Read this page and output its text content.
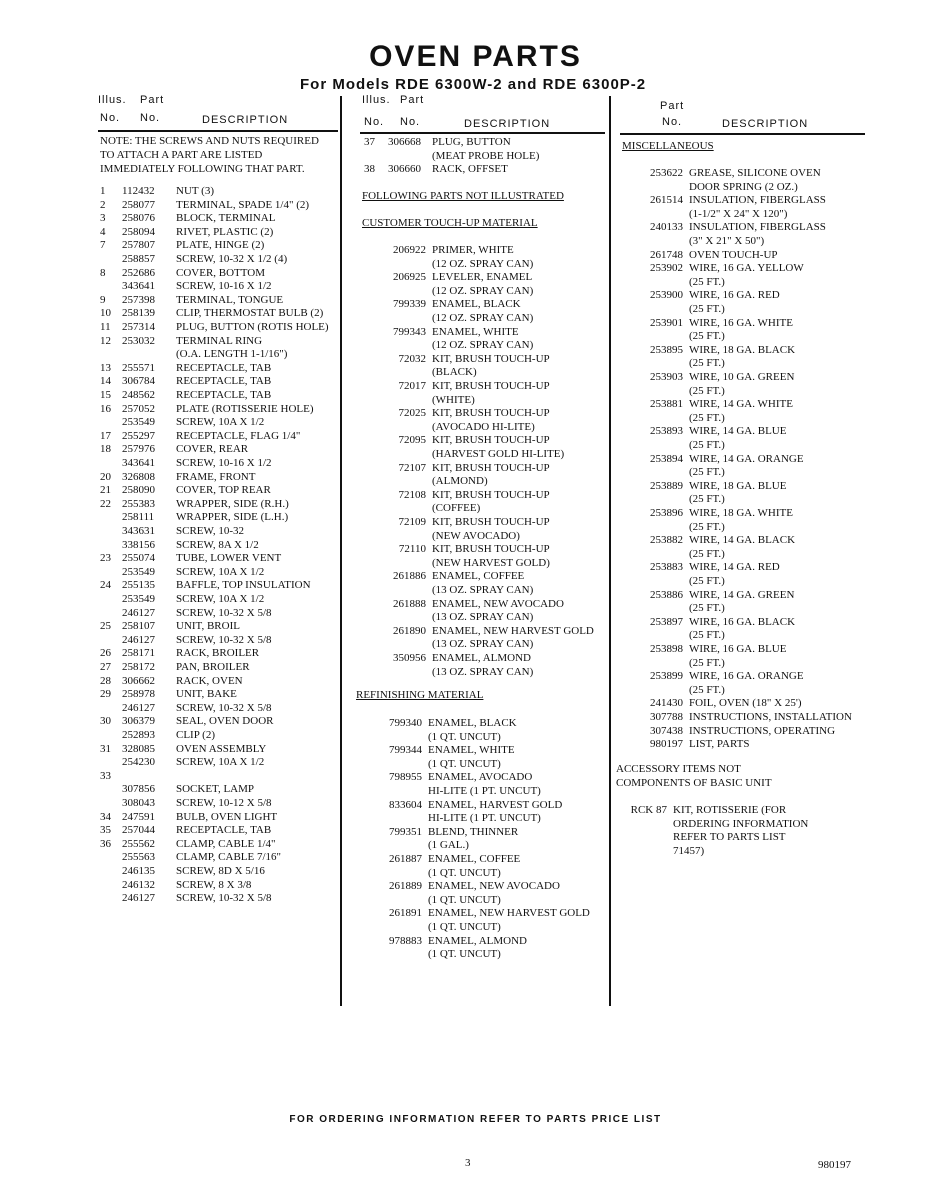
OVEN PARTS
For Models RDE 6300W-2 and RDE 6300P-2
Illus. Part
No. No.	DESCRIPTION
Illus. Part
No. No.	DESCRIPTION
Part
No.	DESCRIPTION
NOTE: THE SCREWS AND NUTS REQUIRED
TO ATTACH A PART ARE LISTED
IMMEDIATELY FOLLOWING THAT PART.
1 112432 NUT (3)
2 258077 TERMINAL, SPADE 1/4" (2)
3 258076 BLOCK, TERMINAL
4 258094 RIVET, PLASTIC (2)
7 257807 PLATE, HINGE (2)
258857 SCREW, 10-32 X 1/2 (4)
8 252686 COVER, BOTTOM
343641 SCREW, 10-16 X 1/2
9 257398 TERMINAL, TONGUE
10 258139 CLIP, THERMOSTAT BULB (2)
11 257314 PLUG, BUTTON (ROTIS HOLE)
12 253032 TERMINAL RING
(O.A. LENGTH 1-1/16")
13 255571 RECEPTACLE, TAB
14 306784 RECEPTACLE, TAB
15 248562 RECEPTACLE, TAB
16 257052 PLATE (ROTISSERIE HOLE)
253549 SCREW, 10A X 1/2
17 255297 RECEPTACLE, FLAG 1/4"
18 257976 COVER, REAR
343641 SCREW, 10-16 X 1/2
20 326808 FRAME, FRONT
21 258090 COVER, TOP REAR
22 255383 WRAPPER, SIDE (R.H.)
258111 WRAPPER, SIDE (L.H.)
343631 SCREW, 10-32
338156 SCREW, 8A X 1/2
23 255074 TUBE, LOWER VENT
253549 SCREW, 10A X 1/2
24 255135 BAFFLE, TOP INSULATION
253549 SCREW, 10A X 1/2
246127 SCREW, 10-32 X 5/8
25 258107 UNIT, BROIL
246127 SCREW, 10-32 X 5/8
26 258171 RACK, BROILER
27 258172 PAN, BROILER
28 306662 RACK, OVEN
29 258978 UNIT, BAKE
246127 SCREW, 10-32 X 5/8
30 306379 SEAL, OVEN DOOR
252893 CLIP (2)
31 328085 OVEN ASSEMBLY
254230 SCREW, 10A X 1/2
33
307856 SOCKET, LAMP
308043 SCREW, 10-12 X 5/8
34 247591 BULB, OVEN LIGHT
35 257044 RECEPTACLE, TAB
36 255562 CLAMP, CABLE 1/4"
255563 CLAMP, CABLE 7/16"
246135 SCREW, 8D X 5/16
246132 SCREW, 8 X 3/8
246127 SCREW, 10-32 X 5/8
37 306668 PLUG, BUTTON
(MEAT PROBE HOLE)
38 306660 RACK, OFFSET
FOLLOWING PARTS NOT ILLUSTRATED
CUSTOMER TOUCH-UP MATERIAL
206922 PRIMER, WHITE
(12 OZ. SPRAY CAN)
206925 LEVELER, ENAMEL
(12 OZ. SPRAY CAN)
799339 ENAMEL, BLACK
(12 OZ. SPRAY CAN)
799343 ENAMEL, WHITE
(12 OZ. SPRAY CAN)
72032 KIT, BRUSH TOUCH-UP
(BLACK)
72017 KIT, BRUSH TOUCH-UP
(WHITE)
72025 KIT, BRUSH TOUCH-UP
(AVOCADO HI-LITE)
72095 KIT, BRUSH TOUCH-UP
(HARVEST GOLD HI-LITE)
72107 KIT, BRUSH TOUCH-UP
(ALMOND)
72108 KIT, BRUSH TOUCH-UP
(COFFEE)
72109 KIT, BRUSH TOUCH-UP
(NEW AVOCADO)
72110 KIT, BRUSH TOUCH-UP
(NEW HARVEST GOLD)
261886 ENAMEL, COFFEE
(13 OZ. SPRAY CAN)
261888 ENAMEL, NEW AVOCADO
(13 OZ. SPRAY CAN)
261890 ENAMEL, NEW HARVEST GOLD
(13 OZ. SPRAY CAN)
350956 ENAMEL, ALMOND
(13 OZ. SPRAY CAN)
REFINISHING MATERIAL
799340 ENAMEL, BLACK
(1 QT. UNCUT)
799344 ENAMEL, WHITE
(1 QT. UNCUT)
798955 ENAMEL, AVOCADO
HI-LITE (1 PT. UNCUT)
833604 ENAMEL, HARVEST GOLD
HI-LITE (1 PT. UNCUT)
799351 BLEND, THINNER
(1 GAL.)
261887 ENAMEL, COFFEE
(1 QT. UNCUT)
261889 ENAMEL, NEW AVOCADO
(1 QT. UNCUT)
261891 ENAMEL, NEW HARVEST GOLD
(1 QT. UNCUT)
978883 ENAMEL, ALMOND
(1 QT. UNCUT)
MISCELLANEOUS
253622 GREASE, SILICONE OVEN
DOOR SPRING (2 OZ.)
261514 INSULATION, FIBERGLASS
(1-1/2" X 24" X 120")
240133 INSULATION, FIBERGLASS
(3" X 21" X 50")
261748 OVEN TOUCH-UP
253902 WIRE, 16 GA. YELLOW
(25 FT.)
253900 WIRE, 16 GA. RED
(25 FT.)
253901 WIRE, 16 GA. WHITE
(25 FT.)
253895 WIRE, 18 GA. BLACK
(25 FT.)
253903 WIRE, 10 GA. GREEN
(25 FT.)
253881 WIRE, 14 GA. WHITE
(25 FT.)
253893 WIRE, 14 GA. BLUE
(25 FT.)
253894 WIRE, 14 GA. ORANGE
(25 FT.)
253889 WIRE, 18 GA. BLUE
(25 FT.)
253896 WIRE, 18 GA. WHITE
(25 FT.)
253882 WIRE, 14 GA. BLACK
(25 FT.)
253883 WIRE, 14 GA. RED
(25 FT.)
253886 WIRE, 14 GA. GREEN
(25 FT.)
253897 WIRE, 16 GA. BLACK
(25 FT.)
253898 WIRE, 16 GA. BLUE
(25 FT.)
253899 WIRE, 16 GA. ORANGE
(25 FT.)
241430 FOIL, OVEN (18" X 25')
307788 INSTRUCTIONS, INSTALLATION
307438 INSTRUCTIONS, OPERATING
980197 LIST, PARTS
ACCESSORY ITEMS NOT
COMPONENTS OF BASIC UNIT
RCK 87 KIT, ROTISSERIE (FOR
ORDERING INFORMATION
REFER TO PARTS LIST
71457)
FOR ORDERING INFORMATION REFER TO PARTS PRICE LIST
3	980197
